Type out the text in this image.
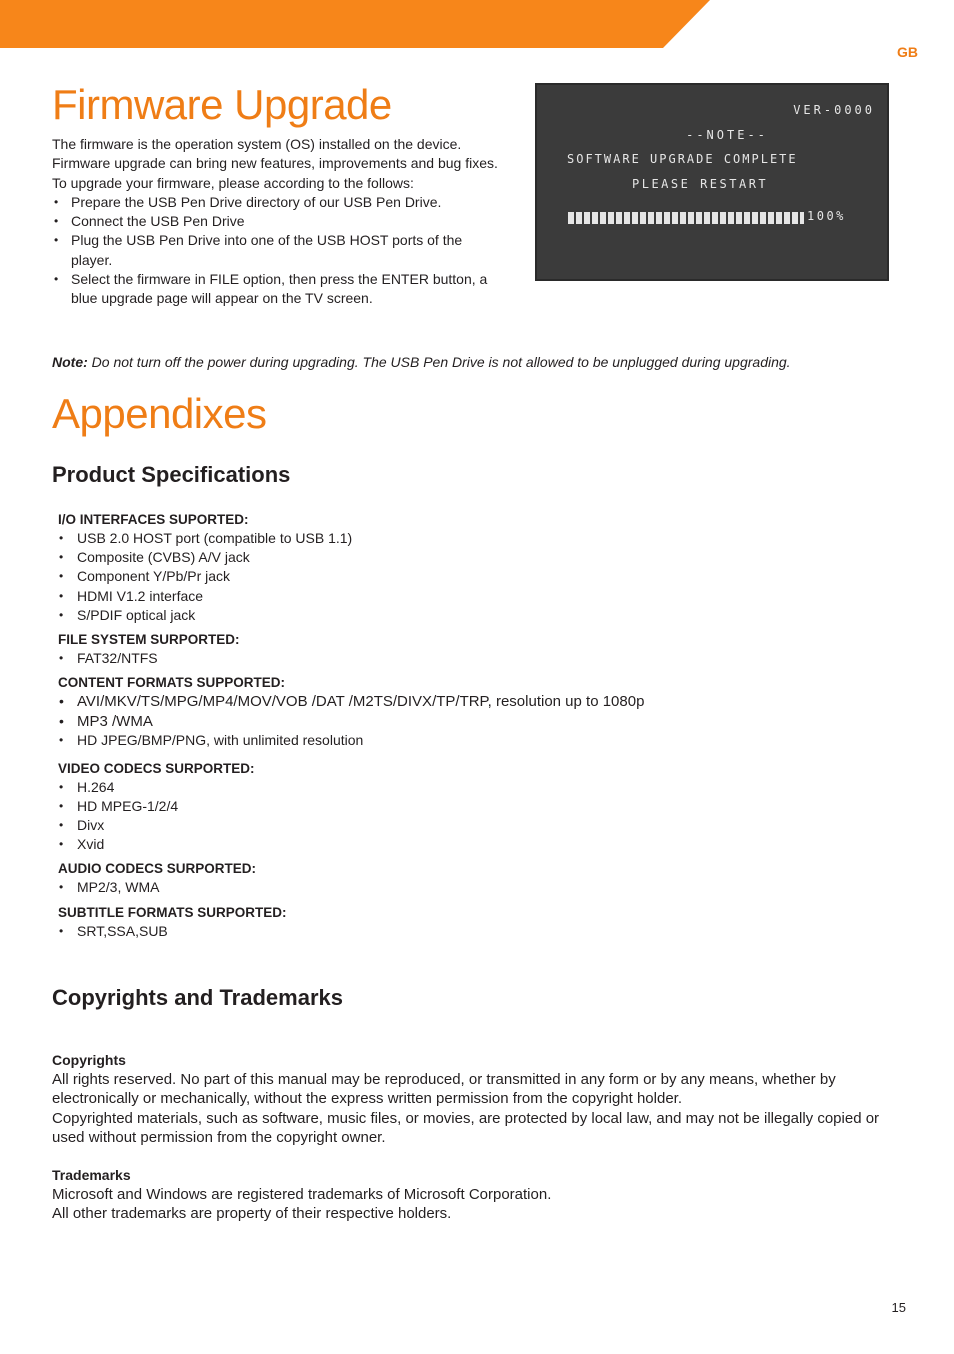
GB
Firmware Upgrade

The firmware is the operation system (OS) installed on the device.

Firmware upgrade can bring new features, improvements and bug fixes.

To upgrade your firmware, please according to the follows:

• Prepare the USB Pen Drive directory of our USB Pen Drive.
• Connect the USB Pen Drive
• Plug the USB Pen Drive into one of the USB HOST ports of the player.
• Select the firmware in FILE option, then press the ENTER button, a blue upgrade page will appear on the TV screen.
VER-0000
--NOTE--
SOFTWARE UPGRADE COMPLETE
PLEASE RESTART
100%
Note: Do not turn off the power during upgrading. The USB Pen Drive is not allowed to be unplugged during upgrading.
Appendixes
Product Specifications
I/O INTERFACES SUPORTED:
• USB 2.0 HOST port (compatible to USB 1.1)
• Composite (CVBS) A/V jack
• Component Y/Pb/Pr jack
• HDMI V1.2 interface
• S/PDIF optical jack
FILE SYSTEM SURPORTED:
• FAT32/NTFS
CONTENT FORMATS SUPPORTED:
• AVI/MKV/TS/MPG/MP4/MOV/VOB /DAT /M2TS/DIVX/TP/TRP, resolution up to 1080p
• MP3 /WMA
• HD JPEG/BMP/PNG, with unlimited resolution
VIDEO CODECS SURPORTED:
• H.264
• HD MPEG-1/2/4
• Divx
• Xvid
AUDIO CODECS SURPORTED:
• MP2/3, WMA
SUBTITLE FORMATS SURPORTED:
• SRT,SSA,SUB
Copyrights and Trademarks
Copyrights
All rights reserved. No part of this manual may be reproduced, or transmitted in any form or by any means, whether by electronically or mechanically, without the express written permission from the copyright holder.
Copyrighted materials, such as software, music files, or movies, are protected by local law, and may not be illegally copied or used without permission from the copyright owner.
Trademarks
Microsoft and Windows are registered trademarks of Microsoft Corporation.
All other trademarks are property of their respective holders.
15
